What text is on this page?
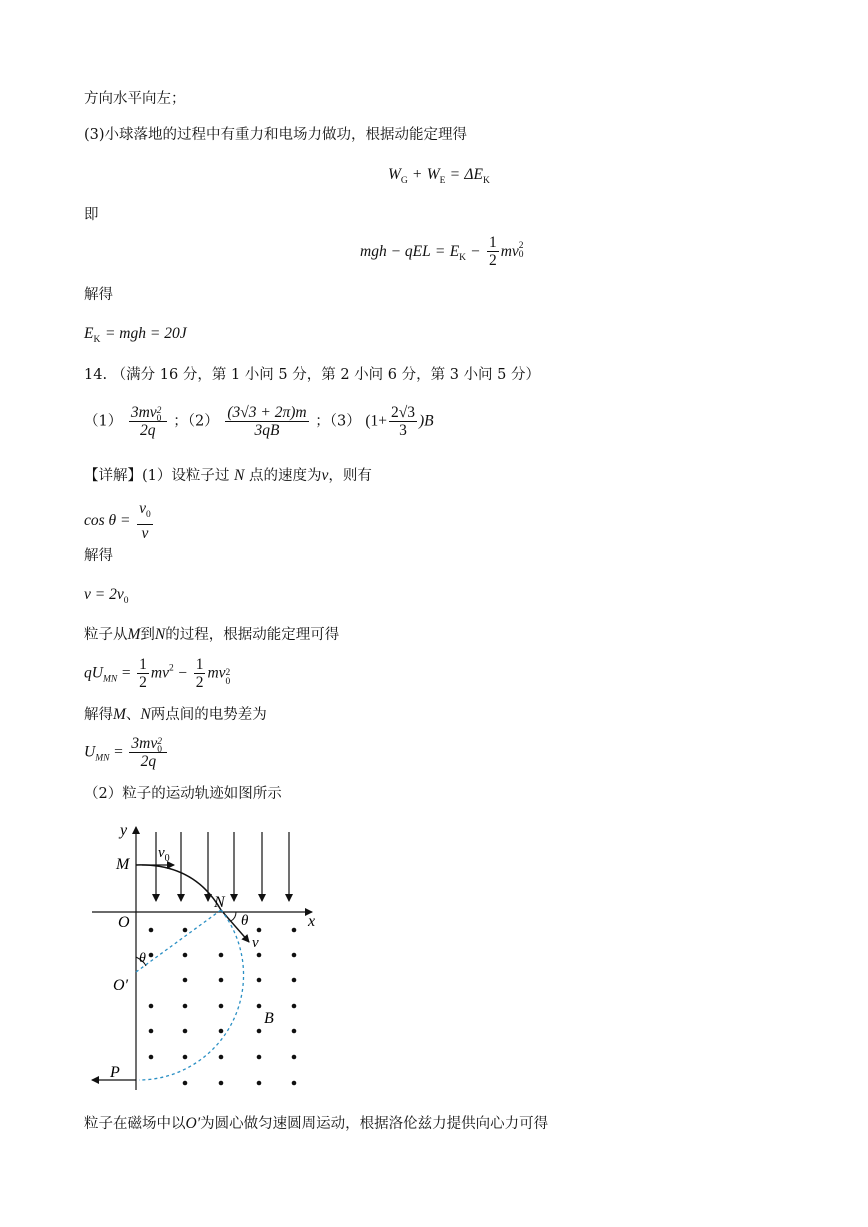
方向水平向左；
(3)小球落地的过程中有重力和电场力做功，根据动能定理得
$W_G + W_E = \Delta E_K$
即
mgh − qEL = $E_K - \frac{1}{2}$ mv 2
0
解得
$E_K$ = mgh = 20J
14. （满分 16 分，第 1 小问 5 分，第 2 小问 6 分，第 3 小问 5 分）
（1） 3mv 2
0
2q ；$(2) \frac{(3√3 + 2\pi)m}{3qB}$ ；（3） $(1+ \frac{2√3}{3} )B$
【详解】(1）设粒子过 N 点的速度为v，则有
$\cos \theta = \frac{v_0}{v}$
解得
$v = 2v_0$
粒子从M到N的过程，根据动能定理可得
$qU_{MN} = \frac{1}{2} mv^2 - \frac{1}{2}$ mv 2
0
解得M、N两点间的电势差为
$U_{MN} = 3mv$ 2
0
2q
（2）粒子的运动轨迹如图所示
y
x
O
M
$v_0$
N
θ
v
θ
O′
B
P
粒子在磁场中以O′为圆心做匀速圆周运动，根据洛伦兹力提供向心力可得
